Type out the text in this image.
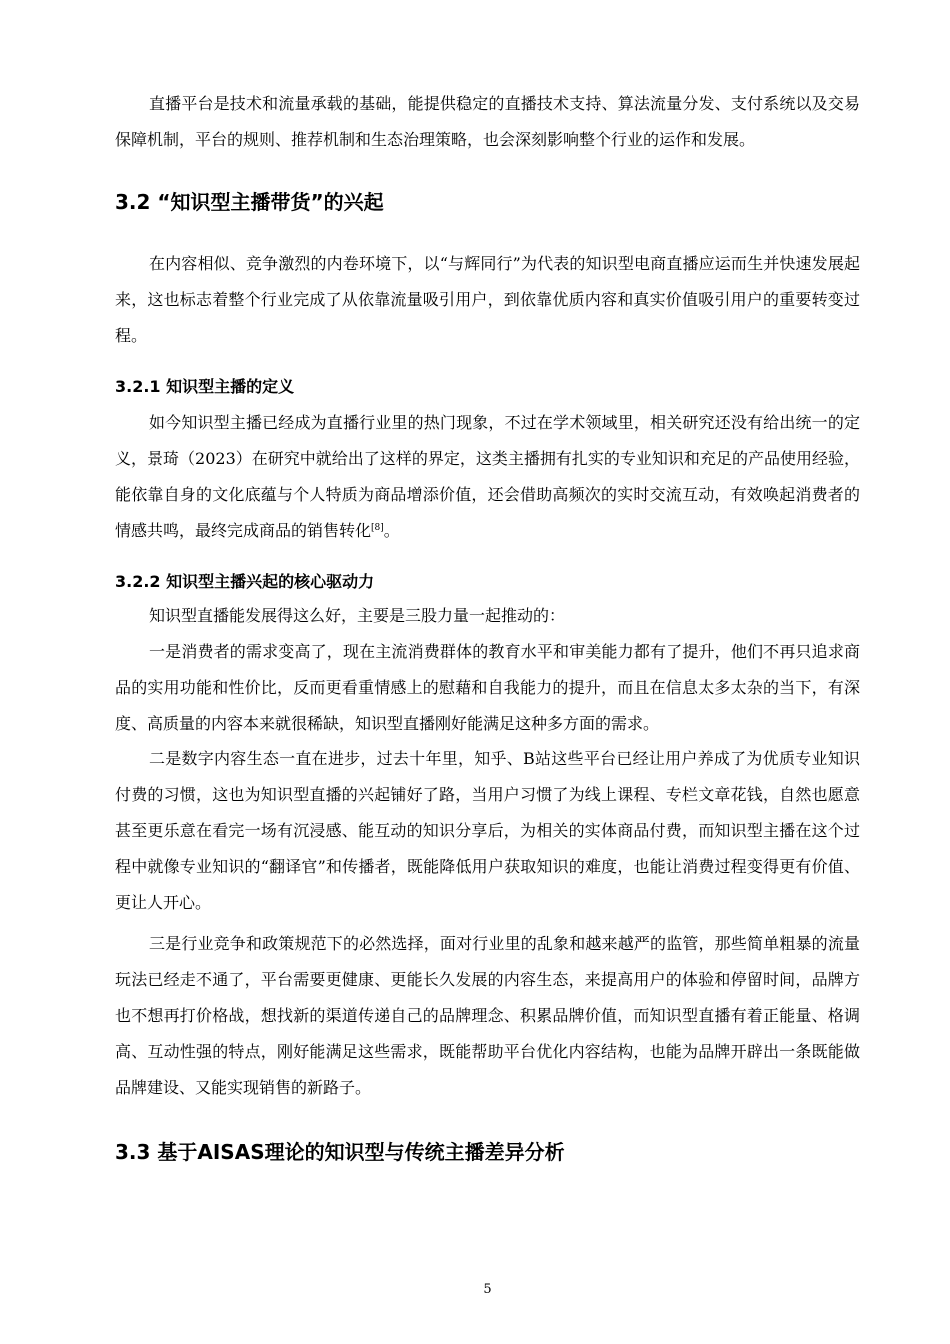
直播平台是技术和流量承载的基础，能提供稳定的直播技术支持、算法流量分发、支付系统以及交易保障机制，平台的规则、推荐机制和生态治理策略，也会深刻影响整个行业的运作和发展。

3.2 “知识型主播带货”的兴起

在内容相似、竞争激烈的内卷环境下，以“与辉同行”为代表的知识型电商直播应运而生并快速发展起来，这也标志着整个行业完成了从依靠流量吸引用户，到依靠优质内容和真实价值吸引用户的重要转变过程。

3.2.1 知识型主播的定义

如今知识型主播已经成为直播行业里的热门现象，不过在学术领域里，相关研究还没有给出统一的定义，景琦（2023）在研究中就给出了这样的界定，这类主播拥有扎实的专业知识和充足的产品使用经验，能依靠自身的文化底蕴与个人特质为商品增添价值，还会借助高频次的实时交流互动，有效唤起消费者的情感共鸣，最终完成商品的销售转化[8]。

3.2.2 知识型主播兴起的核心驱动力

知识型直播能发展得这么好，主要是三股力量一起推动的：

一是消费者的需求变高了，现在主流消费群体的教育水平和审美能力都有了提升，他们不再只追求商品的实用功能和性价比，反而更看重情感上的慰藉和自我能力的提升，而且在信息太多太杂的当下，有深度、高质量的内容本来就很稀缺，知识型直播刚好能满足这种多方面的需求。

二是数字内容生态一直在进步，过去十年里，知乎、B站这些平台已经让用户养成了为优质专业知识付费的习惯，这也为知识型直播的兴起铺好了路，当用户习惯了为线上课程、专栏文章花钱，自然也愿意甚至更乐意在看完一场有沉浸感、能互动的知识分享后，为相关的实体商品付费，而知识型主播在这个过程中就像专业知识的“翻译官”和传播者，既能降低用户获取知识的难度，也能让消费过程变得更有价值、更让人开心。

三是行业竞争和政策规范下的必然选择，面对行业里的乱象和越来越严的监管，那些简单粗暴的流量玩法已经走不通了，平台需要更健康、更能长久发展的内容生态，来提高用户的体验和停留时间，品牌方也不想再打价格战，想找新的渠道传递自己的品牌理念、积累品牌价值，而知识型直播有着正能量、格调高、互动性强的特点，刚好能满足这些需求，既能帮助平台优化内容结构，也能为品牌开辟出一条既能做品牌建设、又能实现销售的新路子。

3.3 基于AISAS理论的知识型与传统主播差异分析
5
